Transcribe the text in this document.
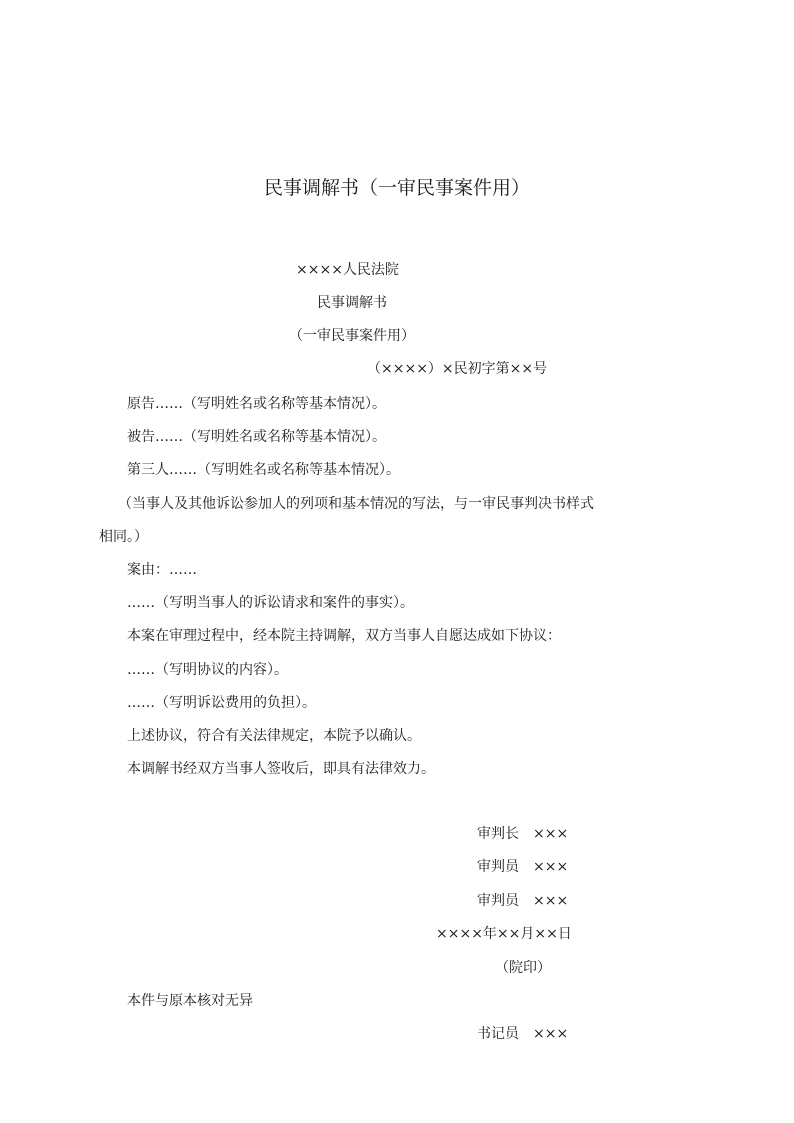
民事调解书（一审民事案件用）
××××人民法院
民事调解书
（一审民事案件用）
（××××）×民初字第××号
原告……（写明姓名或名称等基本情况）。
被告……（写明姓名或名称等基本情况）。
第三人……（写明姓名或名称等基本情况）。
（当事人及其他诉讼参加人的列项和基本情况的写法，与一审民事判决书样式
相同。）
案由：……
……（写明当事人的诉讼请求和案件的事实）。
本案在审理过程中，经本院主持调解，双方当事人自愿达成如下协议：
……（写明协议的内容）。
……（写明诉讼费用的负担）。
上述协议，符合有关法律规定，本院予以确认。
本调解书经双方当事人签收后，即具有法律效力。
审判长　×××
审判员　×××
审判员　×××
××××年××月××日
（院印）
本件与原本核对无异
书记员　×××
